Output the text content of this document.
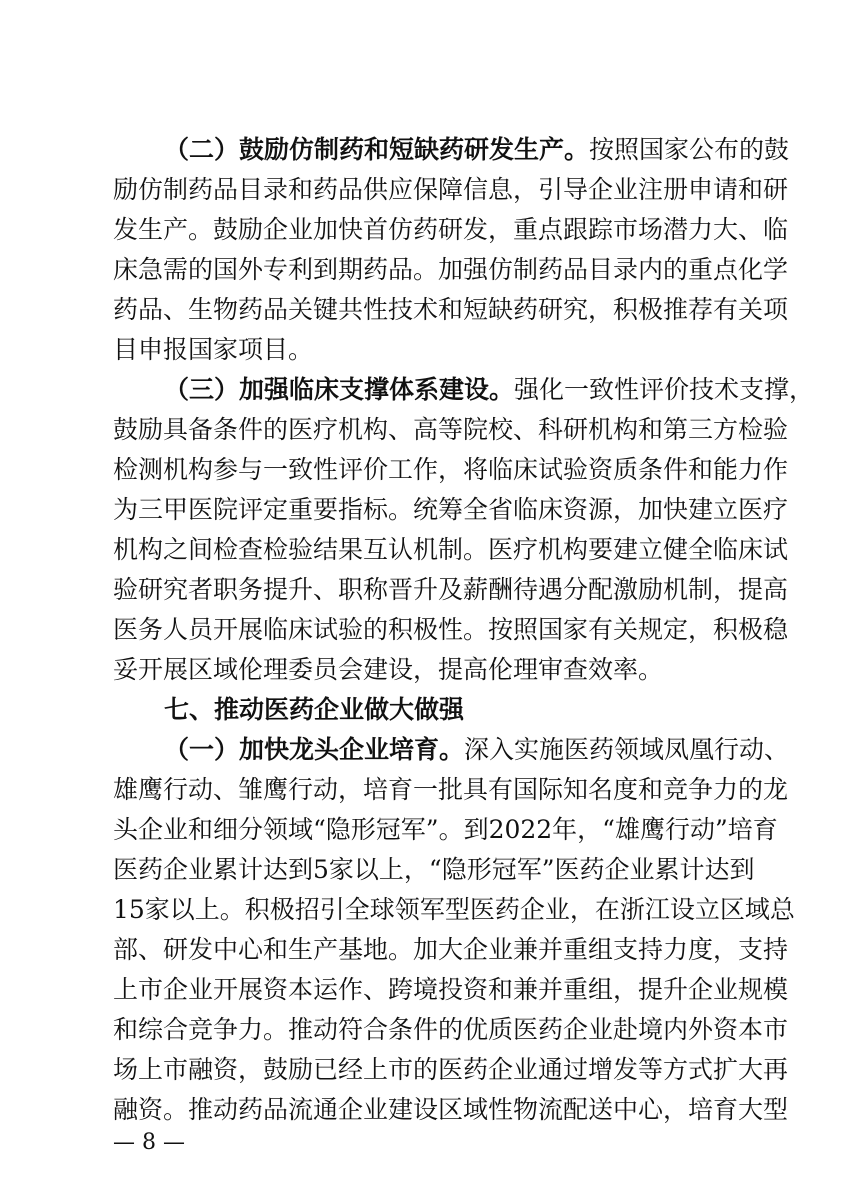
（二）鼓励仿制药和短缺药研发生产。按照国家公布的鼓
励仿制药品目录和药品供应保障信息，引导企业注册申请和研
发生产。鼓励企业加快首仿药研发，重点跟踪市场潜力大、临
床急需的国外专利到期药品。加强仿制药品目录内的重点化学
药品、生物药品关键共性技术和短缺药研究，积极推荐有关项
目申报国家项目。
（三）加强临床支撑体系建设。强化一致性评价技术支撑，
鼓励具备条件的医疗机构、高等院校、科研机构和第三方检验
检测机构参与一致性评价工作，将临床试验资质条件和能力作
为三甲医院评定重要指标。统筹全省临床资源，加快建立医疗
机构之间检查检验结果互认机制。医疗机构要建立健全临床试
验研究者职务提升、职称晋升及薪酬待遇分配激励机制，提高
医务人员开展临床试验的积极性。按照国家有关规定，积极稳
妥开展区域伦理委员会建设，提高伦理审查效率。
七、推动医药企业做大做强
（一）加快龙头企业培育。深入实施医药领域凤凰行动、
雄鹰行动、雏鹰行动，培育一批具有国际知名度和竞争力的龙
头企业和细分领域“隐形冠军”。到2022年，“雄鹰行动”培育
医药企业累计达到5家以上，“隐形冠军”医药企业累计达到
15家以上。积极招引全球领军型医药企业，在浙江设立区域总
部、研发中心和生产基地。加大企业兼并重组支持力度，支持
上市企业开展资本运作、跨境投资和兼并重组，提升企业规模
和综合竞争力。推动符合条件的优质医药企业赴境内外资本市
场上市融资，鼓励已经上市的医药企业通过增发等方式扩大再
融资。推动药品流通企业建设区域性物流配送中心，培育大型
— 8 —
